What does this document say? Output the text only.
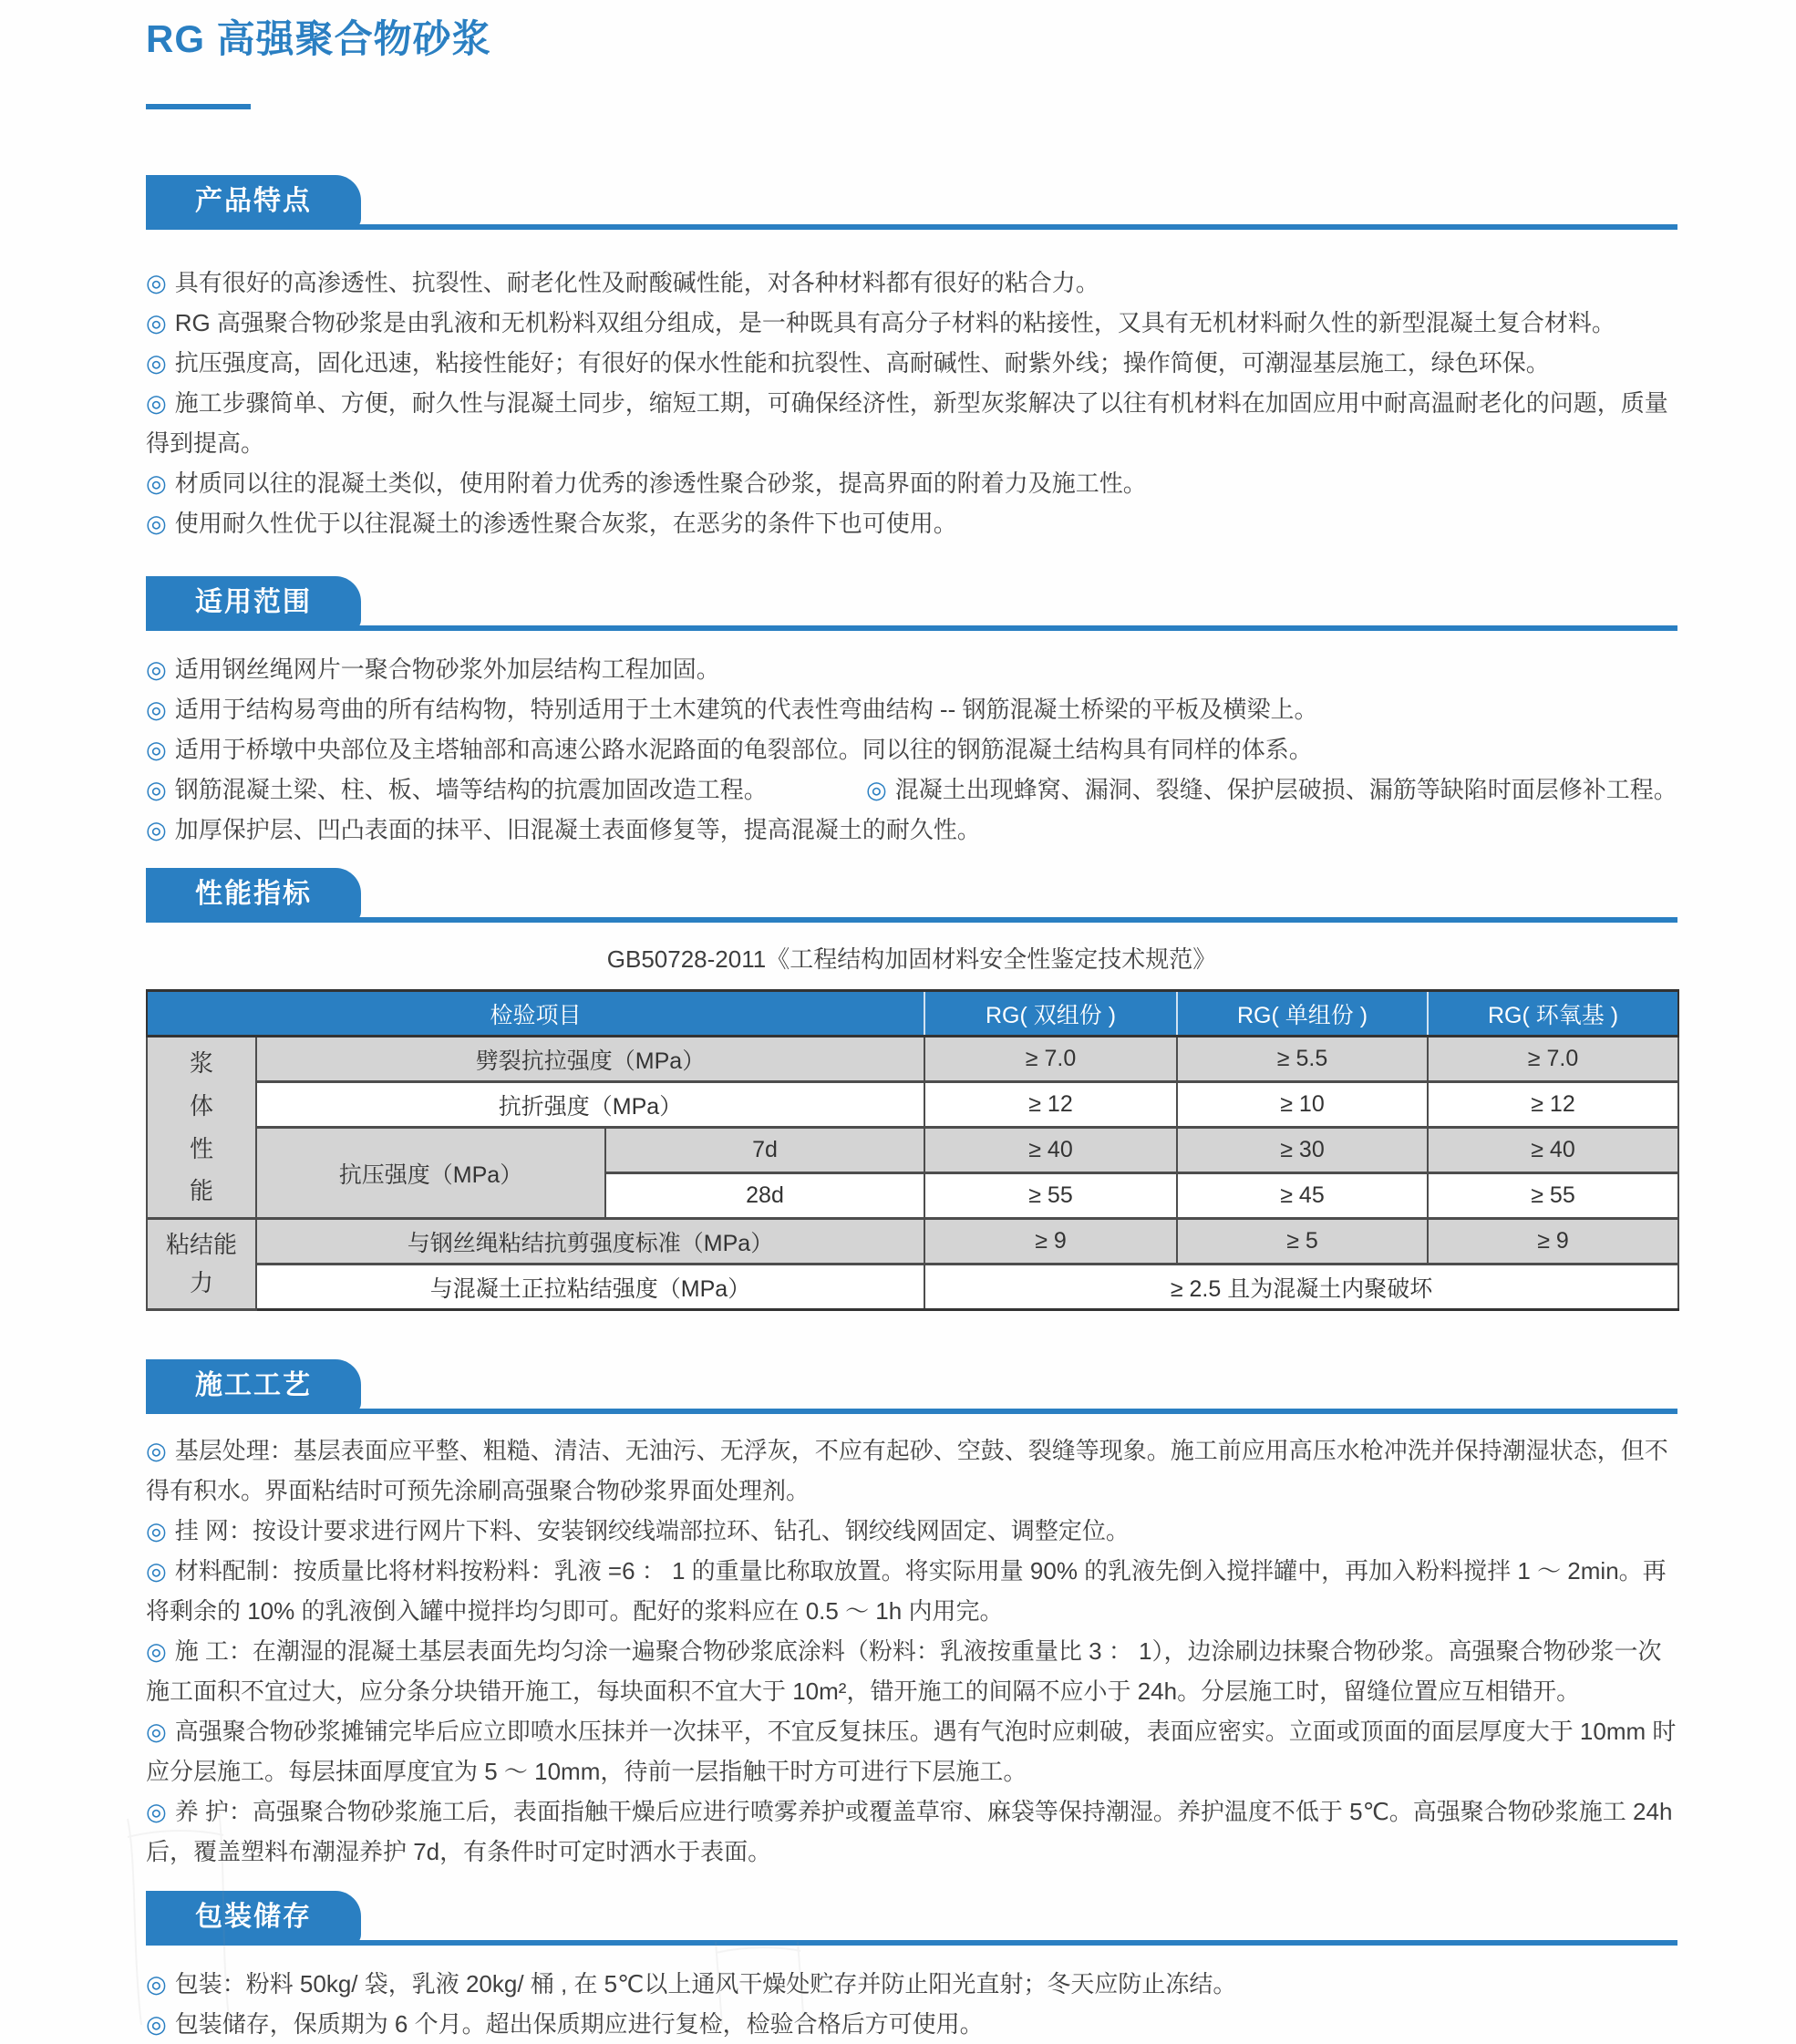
RG 高强聚合物砂浆
产品特点

◎ 具有很好的高渗透性、抗裂性、耐老化性及耐酸碱性能，对各种材料都有很好的粘合力。

◎ RG 高强聚合物砂浆是由乳液和无机粉料双组分组成，是一种既具有高分子材料的粘接性，又具有无机材料耐久性的新型混凝土复合材料。

◎ 抗压强度高，固化迅速，粘接性能好；有很好的保水性能和抗裂性、高耐碱性、耐紫外线；操作简便，可潮湿基层施工，绿色环保。

◎ 施工步骤简单、方便，耐久性与混凝土同步，缩短工期，可确保经济性，新型灰浆解决了以往有机材料在加固应用中耐高温耐老化的问题，质量得到提高。

◎ 材质同以往的混凝土类似，使用附着力优秀的渗透性聚合砂浆，提高界面的附着力及施工性。

◎ 使用耐久性优于以往混凝土的渗透性聚合灰浆，在恶劣的条件下也可使用。

适用范围

◎ 适用钢丝绳网片一聚合物砂浆外加层结构工程加固。

◎ 适用于结构易弯曲的所有结构物，特别适用于土木建筑的代表性弯曲结构 -- 钢筋混凝土桥梁的平板及横梁上。

◎ 适用于桥墩中央部位及主塔轴部和高速公路水泥路面的龟裂部位。同以往的钢筋混凝土结构具有同样的体系。

◎ 钢筋混凝土梁、柱、板、墙等结构的抗震加固改造工程。	◎ 混凝土出现蜂窝、漏洞、裂缝、保护层破损、漏筋等缺陷时面层修补工程。

◎ 加厚保护层、凹凸表面的抹平、旧混凝土表面修复等，提高混凝土的耐久性。

性能指标
GB50728-2011《工程结构加固材料安全性鉴定技术规范》
检验项目			RG( 双组份 )	RG( 单组份 )	RG( 环氧基 )
浆体性能	劈裂抗拉强度（MPa）		≥ 7.0	≥ 5.5	≥ 7.0
	抗折强度（MPa）		≥ 12	≥ 10	≥ 12
	抗压强度（MPa）	7d	≥ 40	≥ 30	≥ 40
		28d	≥ 55	≥ 45	≥ 55
粘结能力	与钢丝绳粘结抗剪强度标准（MPa）		≥ 9	≥ 5	≥ 9
	与混凝土正拉粘结强度（MPa）		≥ 2.5 且为混凝土内聚破坏		
施工工艺

◎ 基层处理：基层表面应平整、粗糙、清洁、无油污、无浮灰，不应有起砂、空鼓、裂缝等现象。施工前应用高压水枪冲洗并保持潮湿状态，但不得有积水。界面粘结时可预先涂刷高强聚合物砂浆界面处理剂。

◎ 挂 网：按设计要求进行网片下料、安装钢绞线端部拉环、钻孔、钢绞线网固定、调整定位。

◎ 材料配制：按质量比将材料按粉料：乳液 =6 ： 1 的重量比称取放置。将实际用量 90% 的乳液先倒入搅拌罐中，再加入粉料搅拌 1 ～ 2min。再将剩余的 10% 的乳液倒入罐中搅拌均匀即可。配好的浆料应在 0.5 ～ 1h 内用完。

◎ 施 工：在潮湿的混凝土基层表面先均匀涂一遍聚合物砂浆底涂料（粉料：乳液按重量比 3 ： 1），边涂刷边抹聚合物砂浆。高强聚合物砂浆一次施工面积不宜过大，应分条分块错开施工，每块面积不宜大于 10m²，错开施工的间隔不应小于 24h。分层施工时，留缝位置应互相错开。

◎ 高强聚合物砂浆摊铺完毕后应立即喷水压抹并一次抹平，不宜反复抹压。遇有气泡时应刺破，表面应密实。立面或顶面的面层厚度大于 10mm 时应分层施工。每层抹面厚度宜为 5 ～ 10mm，待前一层指触干时方可进行下层施工。

◎ 养 护：高强聚合物砂浆施工后，表面指触干燥后应进行喷雾养护或覆盖草帘、麻袋等保持潮湿。养护温度不低于 5℃。高强聚合物砂浆施工 24h 后，覆盖塑料布潮湿养护 7d，有条件时可定时洒水于表面。

包装储存

◎ 包装：粉料 50kg/ 袋，乳液 20kg/ 桶 , 在 5℃以上通风干燥处贮存并防止阳光直射；冬天应防止冻结。

◎ 包装储存，保质期为 6 个月。超出保质期应进行复检，检验合格后方可使用。
